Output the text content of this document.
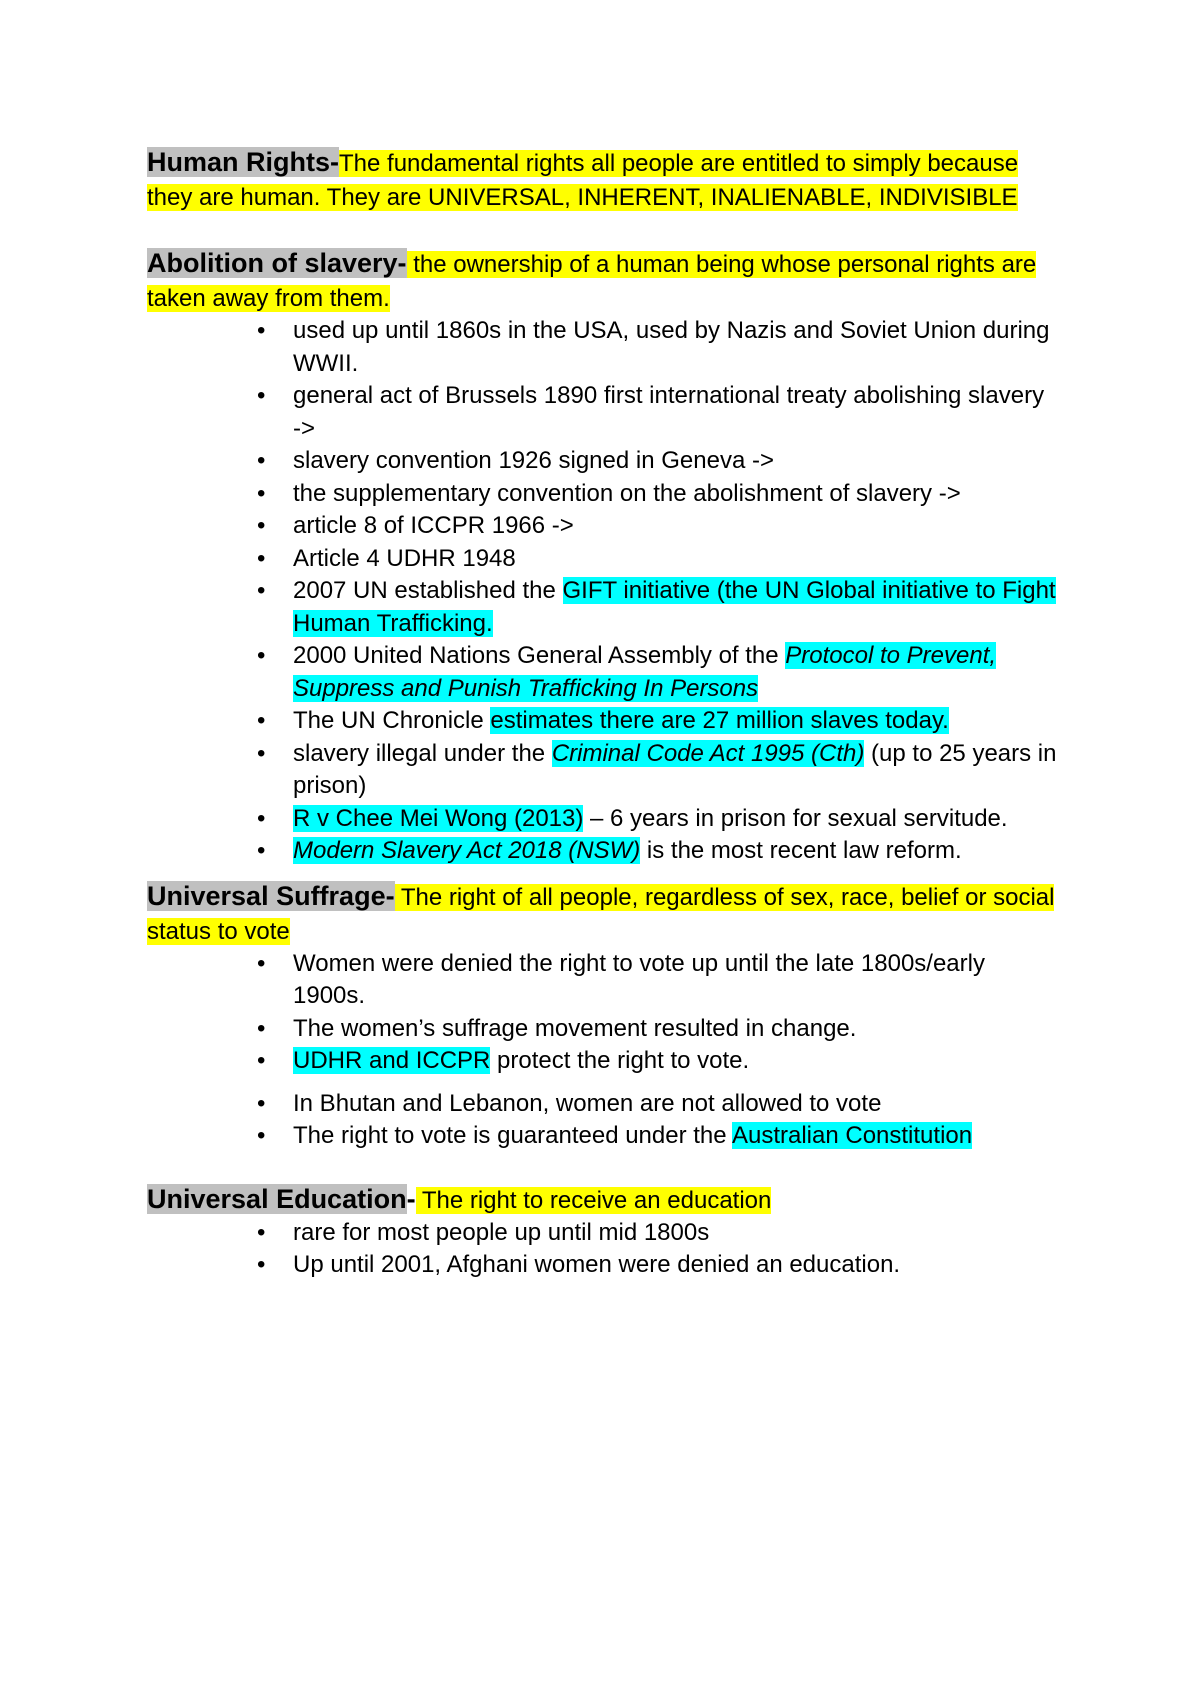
Human Rights-The fundamental rights all people are entitled to simply because they are human. They are UNIVERSAL, INHERENT, INALIENABLE, INDIVISIBLE

Abolition of slavery- the ownership of a human being whose personal rights are taken away from them.

• used up until 1860s in the USA, used by Nazis and Soviet Union during WWII.
• general act of Brussels 1890 first international treaty abolishing slavery ->
• slavery convention 1926 signed in Geneva ->
• the supplementary convention on the abolishment of slavery ->
• article 8 of ICCPR 1966 ->
• Article 4 UDHR 1948
• 2007 UN established the GIFT initiative (the UN Global initiative to Fight Human Trafficking.
• 2000 United Nations General Assembly of the Protocol to Prevent, Suppress and Punish Trafficking In Persons
• The UN Chronicle estimates there are 27 million slaves today.
• slavery illegal under the Criminal Code Act 1995 (Cth) (up to 25 years in prison)
• R v Chee Mei Wong (2013) – 6 years in prison for sexual servitude.
• Modern Slavery Act 2018 (NSW) is the most recent law reform.

Universal Suffrage- The right of all people, regardless of sex, race, belief or social status to vote

• Women were denied the right to vote up until the late 1800s/early 1900s.
• The women’s suffrage movement resulted in change.
• UDHR and ICCPR protect the right to vote.
• In Bhutan and Lebanon, women are not allowed to vote
• The right to vote is guaranteed under the Australian Constitution

Universal Education- The right to receive an education

• rare for most people up until mid 1800s
• Up until 2001, Afghani women were denied an education.
